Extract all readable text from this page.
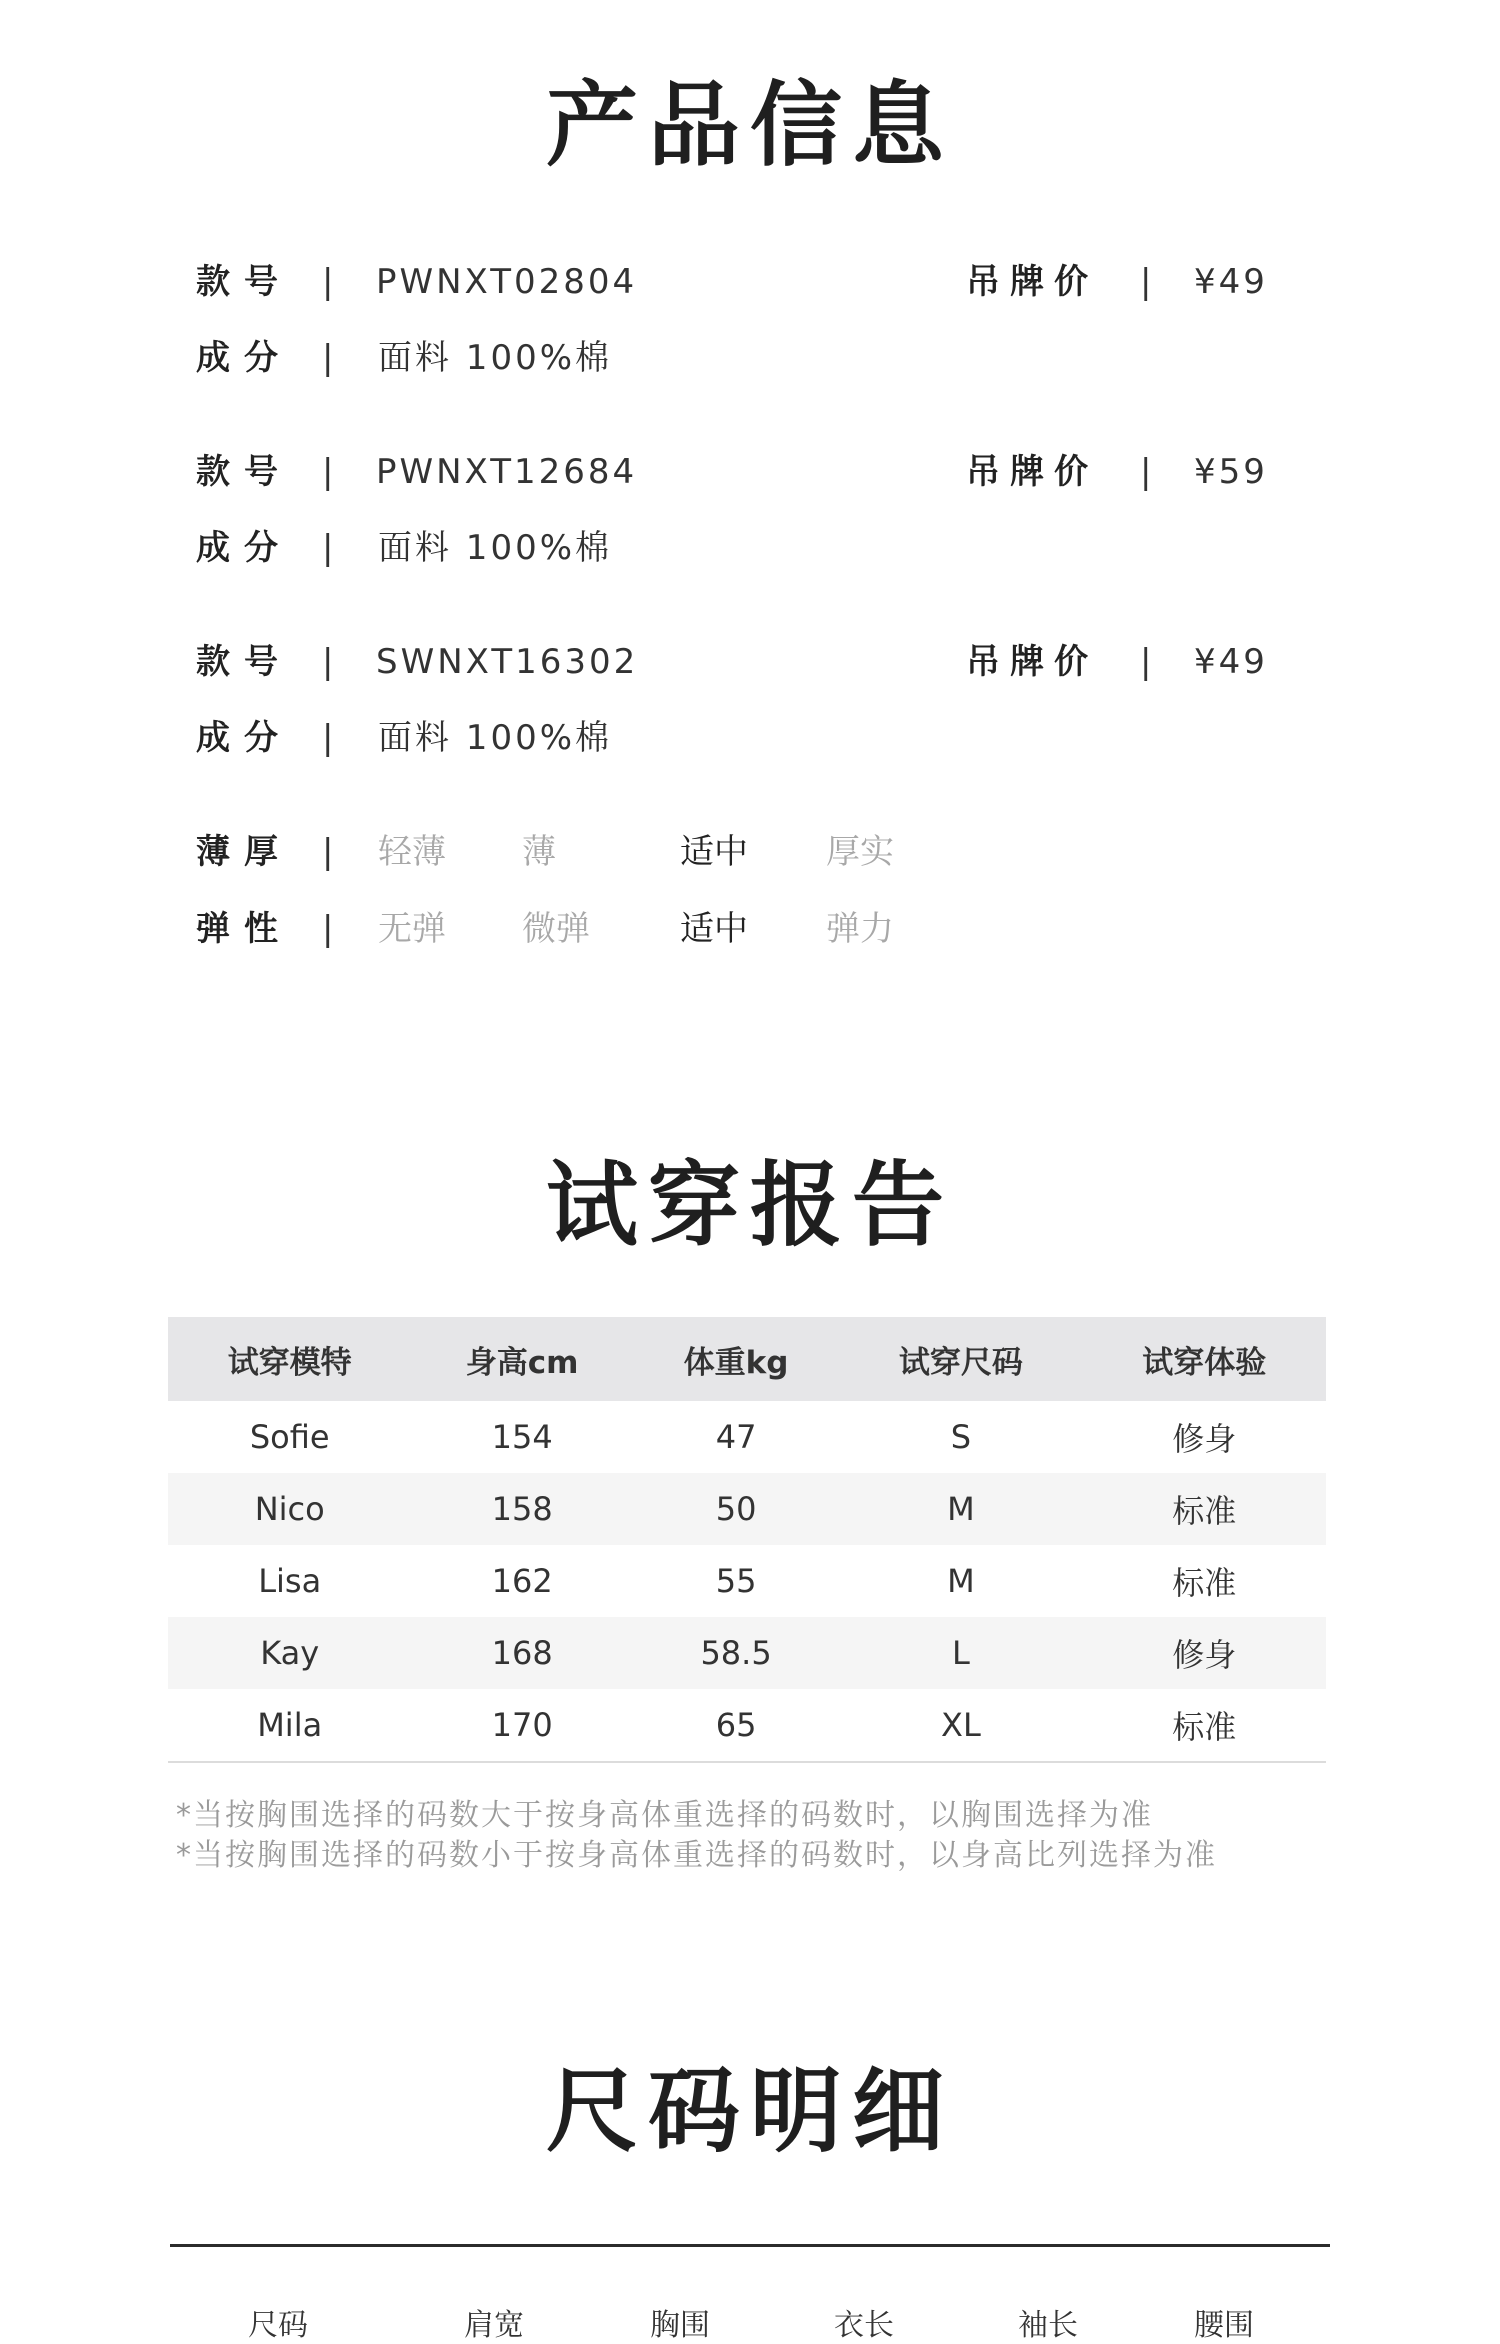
产品信息
款号 | PWNXT02804	吊牌价 | ¥49
成分 | 面料 100%棉
款号 | PWNXT12684	吊牌价 | ¥59
成分 | 面料 100%棉
款号 | SWNXT16302	吊牌价 | ¥49
成分 | 面料 100%棉
薄厚 | 轻薄 薄	适中 厚实
弹性 | 无弹 微弹	适中 弹力
试穿报告
试穿模特	身高cm	体重kg	试穿尺码	试穿体验
Sofie	154	47	S	修身
Nico	158	50	M	标准
Lisa	162	55	M	标准
Kay	168	58.5	L	修身
Mila	170	65	XL	标准
*当按胸围选择的码数大于按身高体重选择的码数时，以胸围选择为准
*当按胸围选择的码数小于按身高体重选择的码数时，以身高比列选择为准
尺码明细
尺码	肩宽	胸围	衣长	袖长	腰围
